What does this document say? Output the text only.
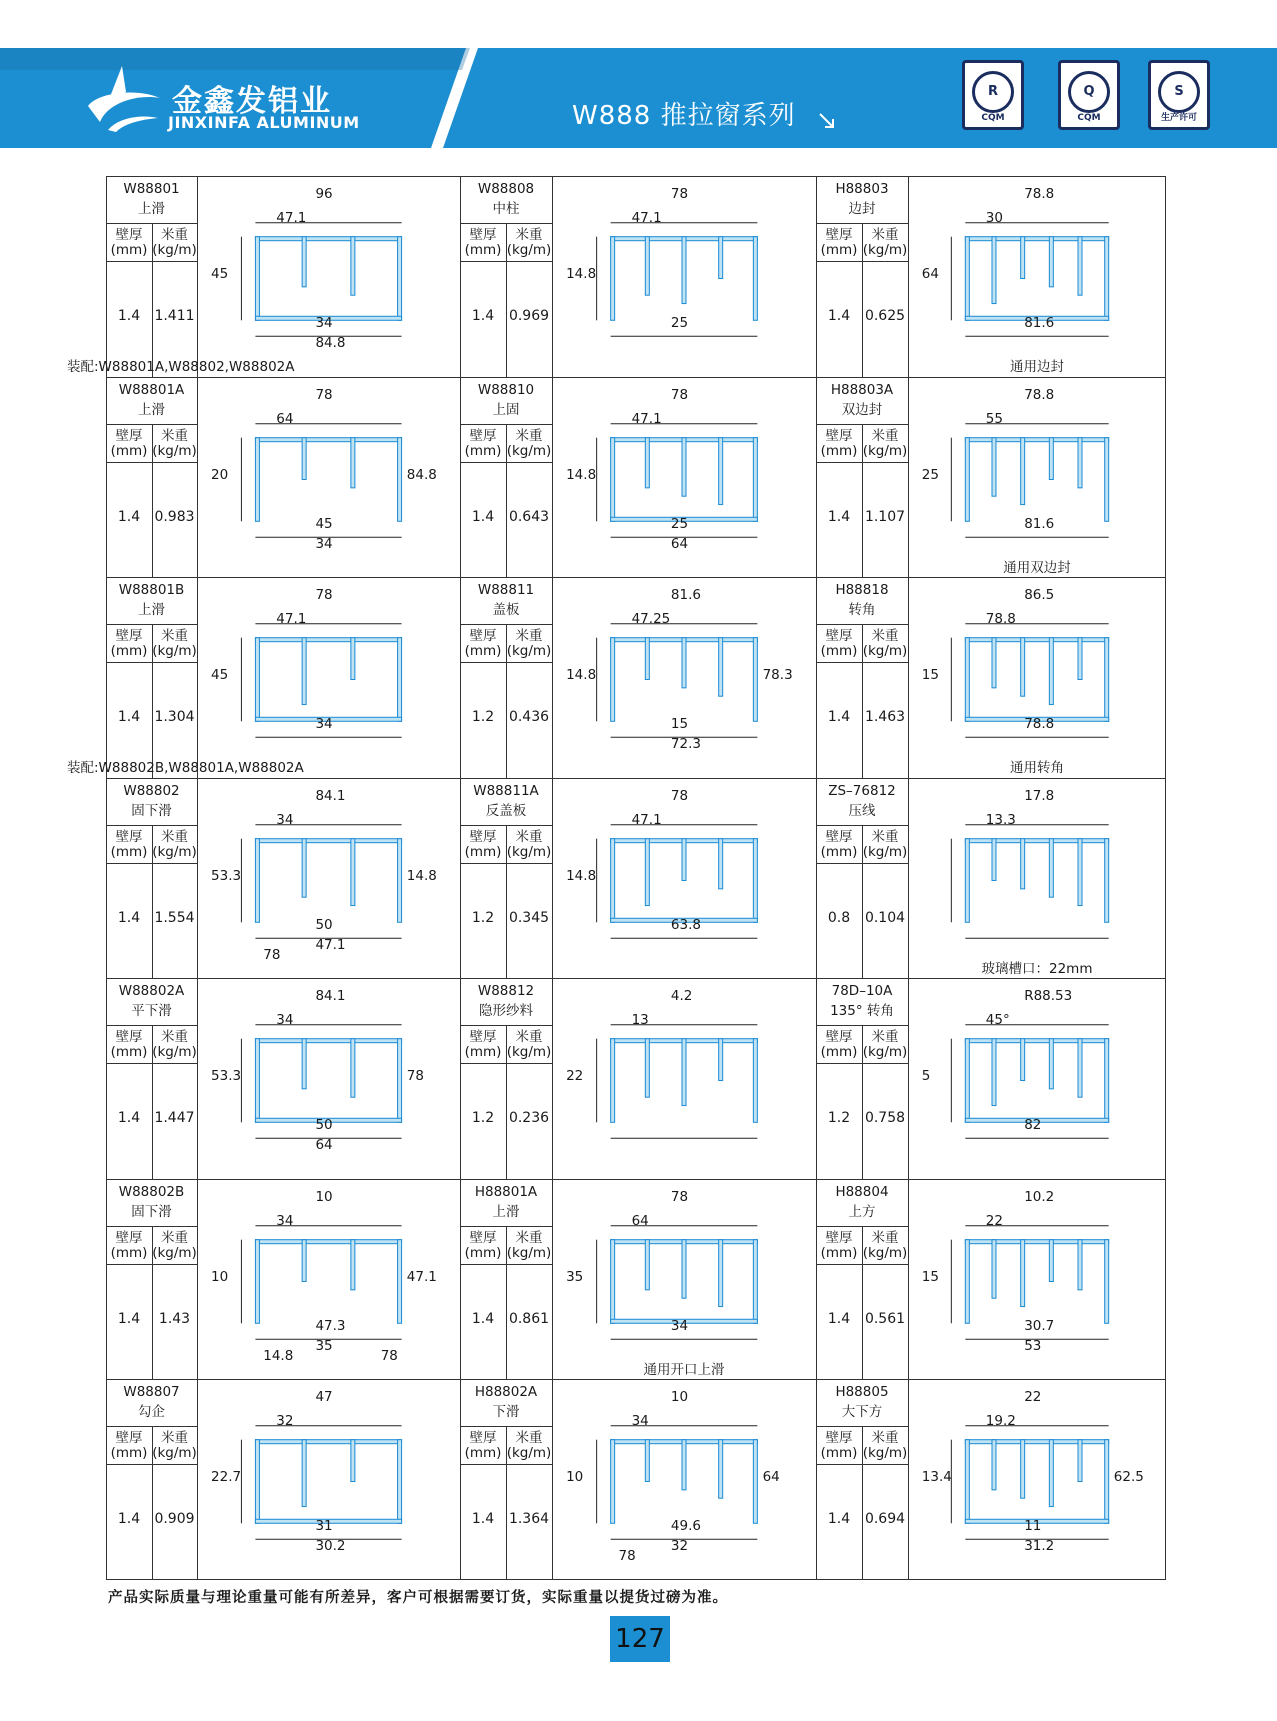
金鑫发铝业
JINXINFA ALUMINUM	W888 推拉窗系列
R
CQM
Q
CQM
S
生产许可
W88801
上滑
壁厚
(mm)
米重
(kg/m)
1.4	1.411
96
47.1
45
34
84.8
装配:W88801A,W88802,W88802A
W88808
中柱
壁厚
(mm)
米重
(kg/m)
1.4	0.969
78
47.1
14.8
25
H88803
边封
壁厚
(mm)
米重
(kg/m)
1.4	0.625
78.8
30
64
81.6
通用边封
W88801A
上滑
壁厚
(mm)
米重
(kg/m)
1.4	0.983
78
64
20
45
34
84.8
W88810
上固
壁厚
(mm)
米重
(kg/m)
1.4	0.643
78
47.1
14.8
25
64
H88803A
双边封
壁厚
(mm)
米重
(kg/m)
1.4	1.107
78.8
55
25
81.6
通用双边封
W88801B
上滑
壁厚
(mm)
米重
(kg/m)
1.4	1.304
78
47.1
45
34
装配:W88802B,W88801A,W88802A
W88811
盖板
壁厚
(mm)
米重
(kg/m)
1.2	0.436
81.6
47.25
14.8
15
72.3
78.3
H88818
转角
壁厚
(mm)
米重
(kg/m)
1.4	1.463
86.5
78.8
15
78.8
通用转角
W88802
固下滑
壁厚
(mm)
米重
(kg/m)
1.4	1.554
84.1
34
53.3
50
47.1
14.8
78
W88811A
反盖板
壁厚
(mm)
米重
(kg/m)
1.2	0.345
78
47.1
14.8
63.8
ZS–76812
压线
壁厚
(mm)
米重
(kg/m)
0.8	0.104
17.8
13.3
玻璃槽口：22mm
W88802A
平下滑
壁厚
(mm)
米重
(kg/m)
1.4	1.447
84.1
34
53.3
50
64
78
W88812
隐形纱料
壁厚
(mm)
米重
(kg/m)
1.2	0.236
4.2
13
22
78D–10A
135° 转角
壁厚
(mm)
米重
(kg/m)
1.2	0.758
R88.53
45°
5
82
W88802B
固下滑
壁厚
(mm)
米重
(kg/m)
1.4	1.43
10
34
10
47.3
35
47.1
14.8	78
H88801A
上滑
壁厚
(mm)
米重
(kg/m)
1.4	0.861
78
64
35
34
通用开口上滑
H88804
上方
壁厚
(mm)
米重
(kg/m)
1.4	0.561
10.2
22
15
30.7
53
W88807
勾企
壁厚
(mm)
米重
(kg/m)
1.4	0.909
47
32
22.7
31
30.2
H88802A
下滑
壁厚
(mm)
米重
(kg/m)
1.4	1.364
10
34
10
49.6
32
64
78
H88805
大下方
壁厚
(mm)
米重
(kg/m)
1.4	0.694
22
19.2
13.4
11
31.2
62.5
产品实际质量与理论重量可能有所差异，客户可根据需要订货，实际重量以提货过磅为准。
127
